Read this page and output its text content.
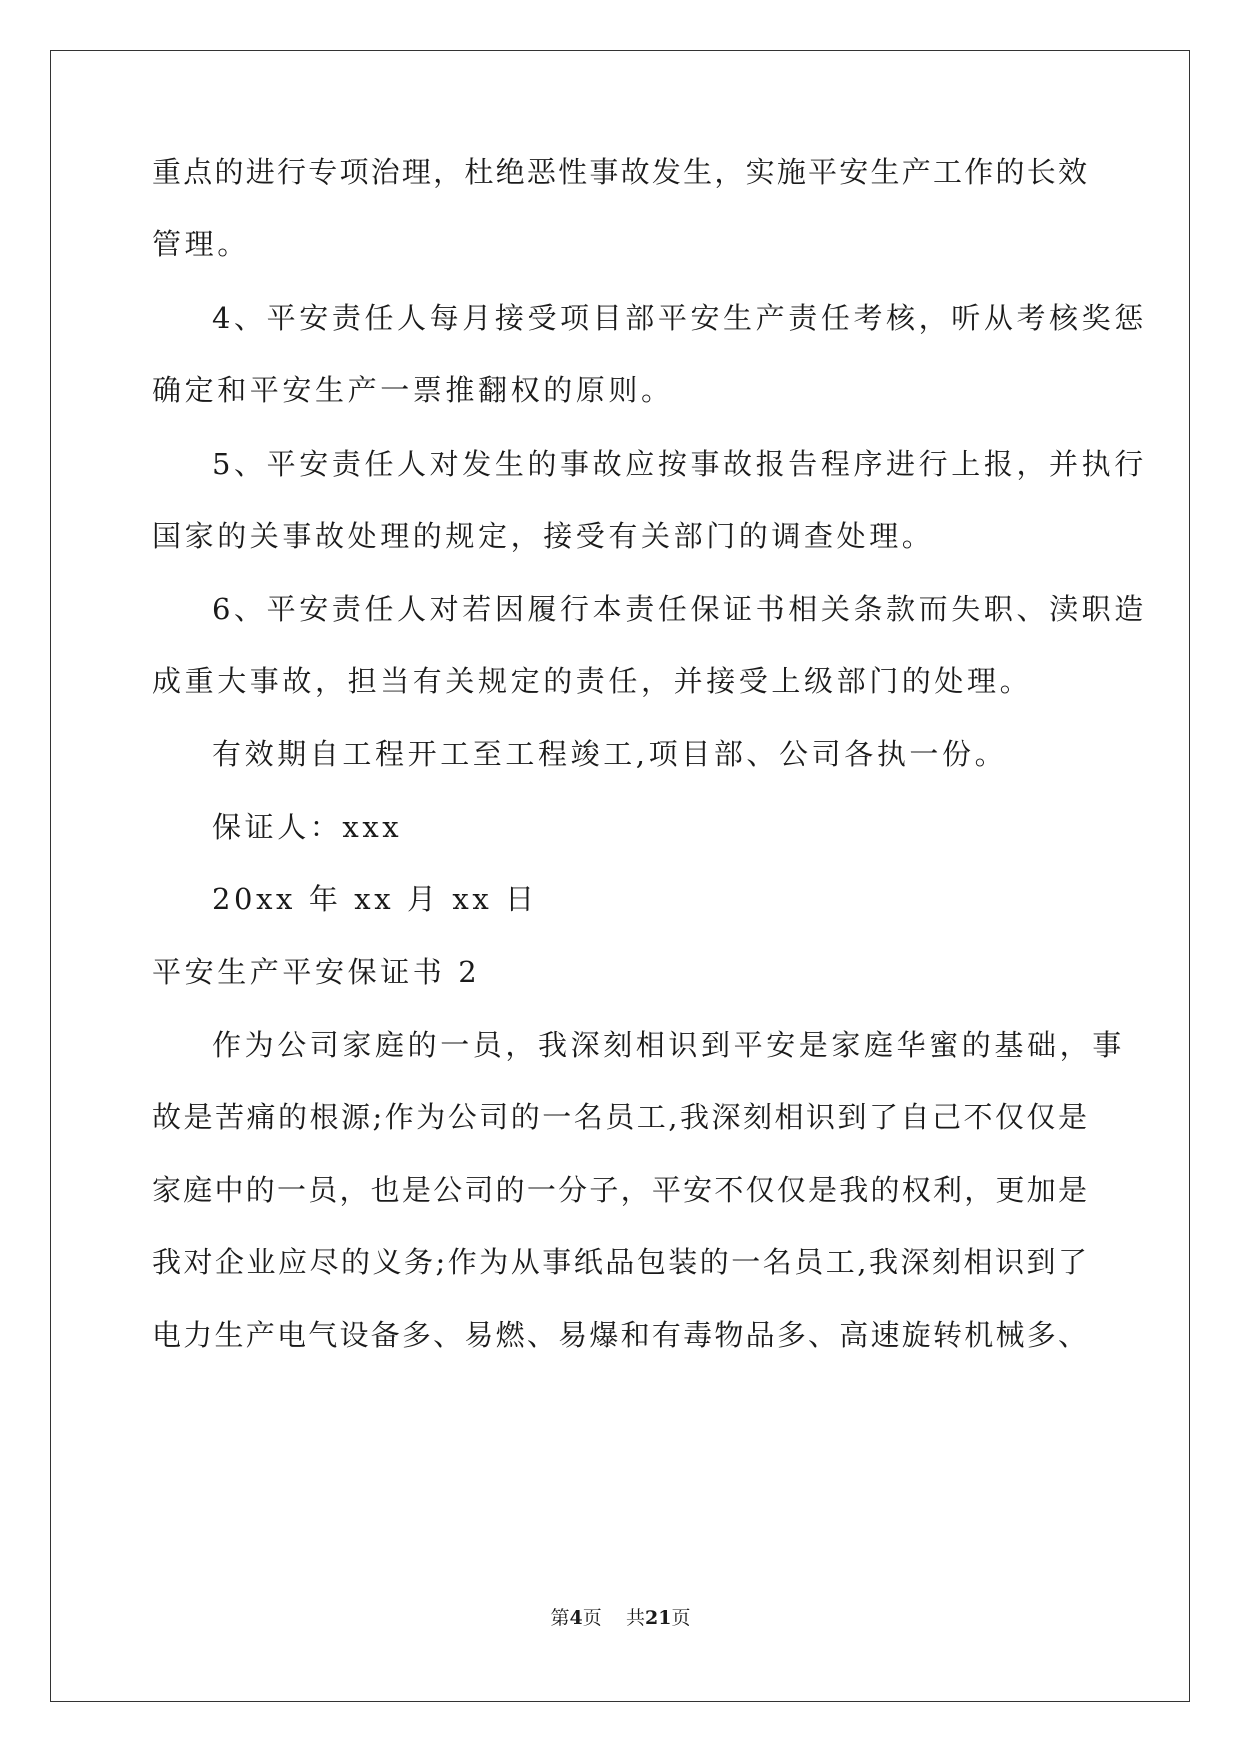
重点的进行专项治理，杜绝恶性事故发生，实施平安生产工作的长效
管理。
4、平安责任人每月接受项目部平安生产责任考核，听从考核奖惩
确定和平安生产一票推翻权的原则。
5、平安责任人对发生的事故应按事故报告程序进行上报，并执行
国家的关事故处理的规定，接受有关部门的调查处理。
6、平安责任人对若因履行本责任保证书相关条款而失职、渎职造
成重大事故，担当有关规定的责任，并接受上级部门的处理。
有效期自工程开工至工程竣工,项目部、公司各执一份。
保证人：xxx
20xx 年 xx 月 xx 日
平安生产平安保证书 2
作为公司家庭的一员，我深刻相识到平安是家庭华蜜的基础，事
故是苦痛的根源;作为公司的一名员工,我深刻相识到了自己不仅仅是
家庭中的一员，也是公司的一分子，平安不仅仅是我的权利，更加是
我对企业应尽的义务;作为从事纸品包装的一名员工,我深刻相识到了
电力生产电气设备多、易燃、易爆和有毒物品多、高速旋转机械多、
第4页 共21页
